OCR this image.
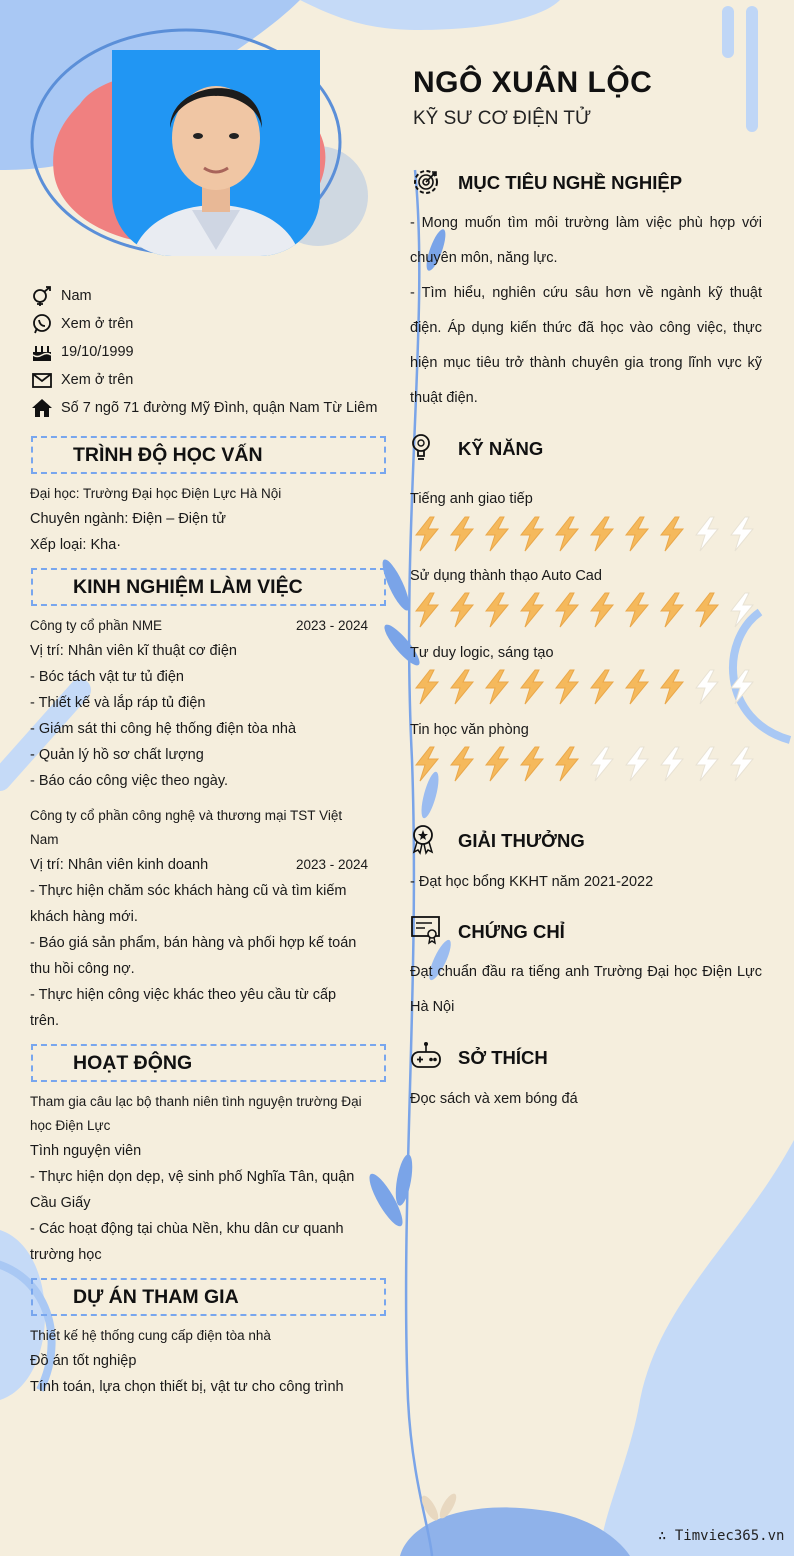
NGÔ XUÂN LỘC
KỸ SƯ CƠ ĐIỆN TỬ
Nam
Xem ở trên
19/10/1999
Xem ở trên
Số 7 ngõ 71 đường Mỹ Đình, quận Nam Từ Liêm
TRÌNH ĐỘ HỌC VẤN
Đại học: Trường Đại học Điện Lực Hà Nội
Chuyên ngành: Điện – Điện tử
Xếp loại: Kha·
KINH NGHIỆM LÀM VIỆC
Công ty cổ phần NME	2023 - 2024
Vị trí: Nhân viên kĩ thuật cơ điện
- Bóc tách vật tư tủ điện
- Thiết kế và lắp ráp tủ điện
- Giám sát thi công hệ thống điện tòa nhà
- Quản lý hồ sơ chất lượng
- Báo cáo công việc theo ngày.
Công ty cổ phần công nghệ và thương mại TST Việt
Nam
Vị trí: Nhân viên kinh doanh	2023 - 2024
- Thực hiện chăm sóc khách hàng cũ và tìm kiếm
khách hàng mới.
- Báo giá sản phẩm, bán hàng và phối hợp kế toán
thu hồi công nợ.
- Thực hiện công việc khác theo yêu cầu từ cấp
trên.
HOẠT ĐỘNG
Tham gia câu lạc bộ thanh niên tình nguyện trường Đại
học Điện Lực
Tình nguyện viên
- Thực hiện dọn dẹp, vệ sinh phố Nghĩa Tân, quận
Cầu Giấy
- Các hoạt động tại chùa Nền, khu dân cư quanh
trường học
DỰ ÁN THAM GIA
Thiết kế hệ thống cung cấp điện tòa nhà
Đồ án tốt nghiệp
Tính toán, lựa chọn thiết bị, vật tư cho công trình
MỤC TIÊU NGHỀ NGHIỆP
- Mong muốn tìm môi trường làm việc phù hợp với
chuyên môn, năng lực.
- Tìm hiểu, nghiên cứu sâu hơn về ngành kỹ thuật
điện. Áp dụng kiến thức đã học vào công việc, thực
hiện mục tiêu trở thành chuyên gia trong lĩnh vực kỹ
thuật điện.
KỸ NĂNG
Tiếng anh giao tiếp
Sử dụng thành thạo Auto Cad
Tư duy logic, sáng tạo
Tin học văn phòng
GIẢI THƯỞNG
- Đạt học bổng KKHT năm 2021-2022
CHỨNG CHỈ
Đạt chuẩn đầu ra tiếng anh Trường Đại học Điện Lực
Hà Nội
SỞ THÍCH
Đọc sách và xem bóng đá
∴ Timviec365.vn
